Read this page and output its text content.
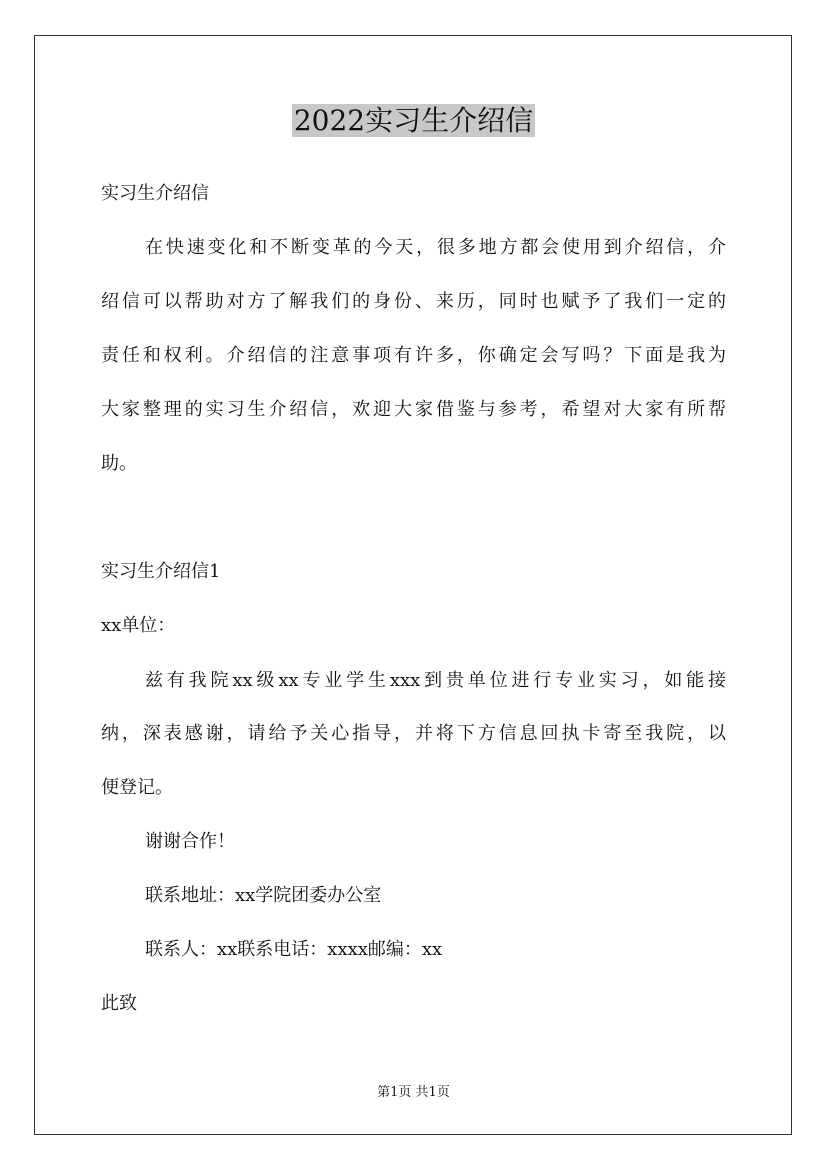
2022实习生介绍信

实习生介绍信

在快速变化和不断变革的今天，很多地方都会使用到介绍信，介

绍信可以帮助对方了解我们的身份、来历，同时也赋予了我们一定的

责任和权利。介绍信的注意事项有许多，你确定会写吗？下面是我为

大家整理的实习生介绍信，欢迎大家借鉴与参考，希望对大家有所帮

助。

实习生介绍信1

xx单位：

兹有我院xx级xx专业学生xxx到贵单位进行专业实习，如能接

纳，深表感谢，请给予关心指导，并将下方信息回执卡寄至我院，以

便登记。

谢谢合作！

联系地址：xx学院团委办公室

联系人：xx联系电话：xxxx邮编：xx

此致

第1页 共1页
